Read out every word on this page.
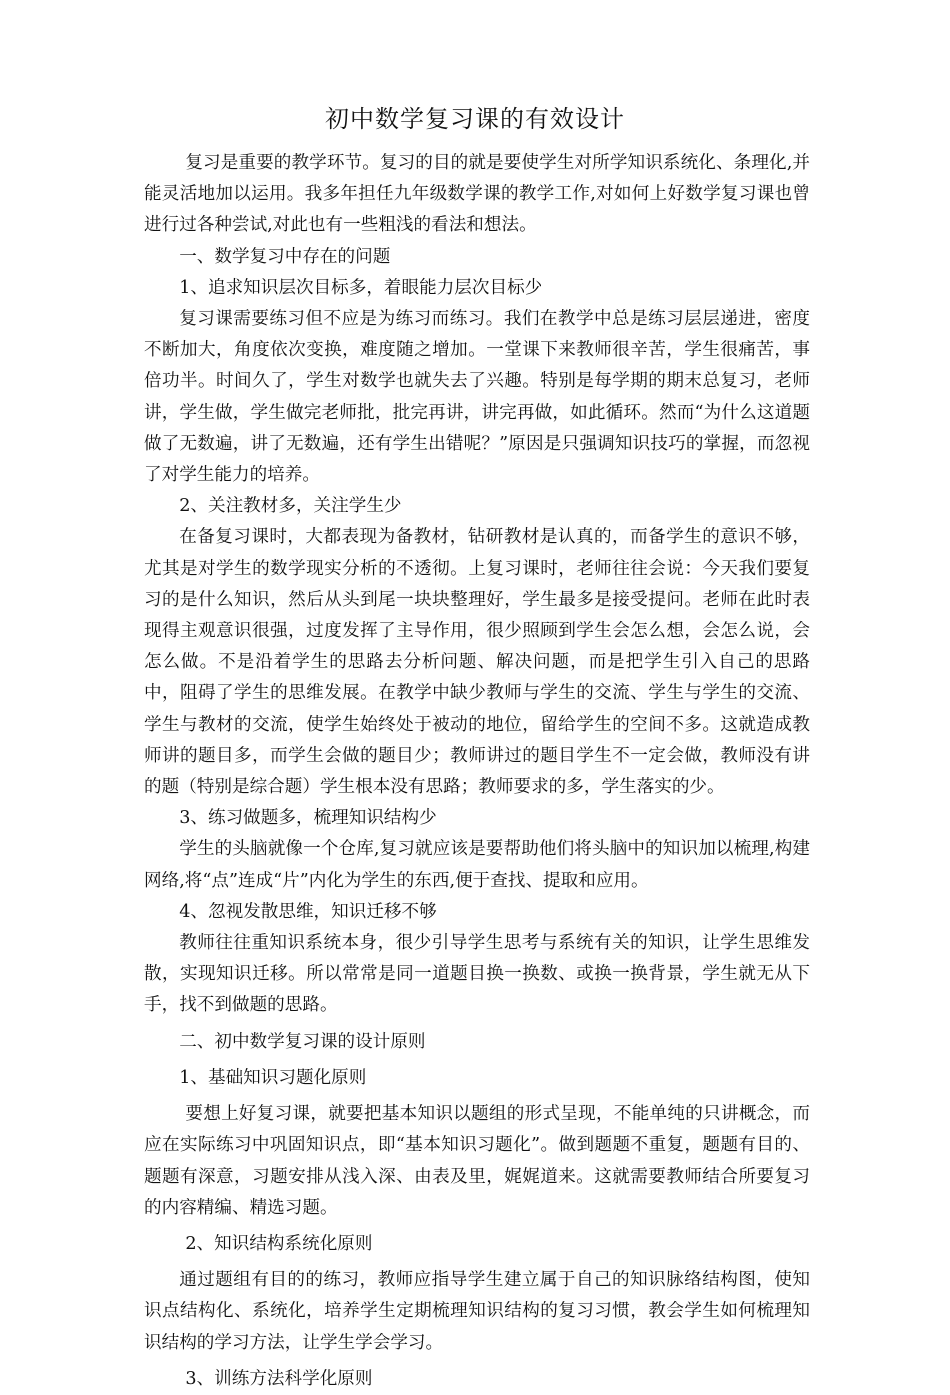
初中数学复习课的有效设计

复习是重要的教学环节。复习的目的就是要使学生对所学知识系统化、条理化,并能灵活地加以运用。我多年担任九年级数学课的教学工作,对如何上好数学复习课也曾进行过各种尝试,对此也有一些粗浅的看法和想法。

一、数学复习中存在的问题

1、追求知识层次目标多，着眼能力层次目标少

复习课需要练习但不应是为练习而练习。我们在教学中总是练习层层递进，密度不断加大，角度依次变换，难度随之增加。一堂课下来教师很辛苦，学生很痛苦，事倍功半。时间久了，学生对数学也就失去了兴趣。特别是每学期的期末总复习，老师讲，学生做，学生做完老师批，批完再讲，讲完再做，如此循环。然而“为什么这道题做了无数遍，讲了无数遍，还有学生出错呢？”原因是只强调知识技巧的掌握，而忽视了对学生能力的培养。

2、关注教材多，关注学生少

在备复习课时，大都表现为备教材，钻研教材是认真的，而备学生的意识不够，尤其是对学生的数学现实分析的不透彻。上复习课时，老师往往会说：今天我们要复习的是什么知识，然后从头到尾一块块整理好，学生最多是接受提问。老师在此时表现得主观意识很强，过度发挥了主导作用，很少照顾到学生会怎么想，会怎么说，会怎么做。不是沿着学生的思路去分析问题、解决问题，而是把学生引入自己的思路中，阻碍了学生的思维发展。在教学中缺少教师与学生的交流、学生与学生的交流、学生与教材的交流，使学生始终处于被动的地位，留给学生的空间不多。这就造成教师讲的题目多，而学生会做的题目少；教师讲过的题目学生不一定会做，教师没有讲的题（特别是综合题）学生根本没有思路；教师要求的多，学生落实的少。

3、练习做题多，梳理知识结构少

学生的头脑就像一个仓库,复习就应该是要帮助他们将头脑中的知识加以梳理,构建网络,将“点”连成“片”内化为学生的东西,便于查找、提取和应用。

4、忽视发散思维，知识迁移不够

教师往往重知识系统本身，很少引导学生思考与系统有关的知识，让学生思维发散，实现知识迁移。所以常常是同一道题目换一换数、或换一换背景，学生就无从下手，找不到做题的思路。

二、初中数学复习课的设计原则

1、基础知识习题化原则

要想上好复习课，就要把基本知识以题组的形式呈现，不能单纯的只讲概念，而应在实际练习中巩固知识点，即“基本知识习题化”。做到题题不重复，题题有目的、题题有深意，习题安排从浅入深、由表及里，娓娓道来。这就需要教师结合所要复习的内容精编、精选习题。

2、知识结构系统化原则

通过题组有目的的练习，教师应指导学生建立属于自己的知识脉络结构图，使知识点结构化、系统化，培养学生定期梳理知识结构的复习习惯，教会学生如何梳理知识结构的学习方法，让学生学会学习。

3、训练方法科学化原则
